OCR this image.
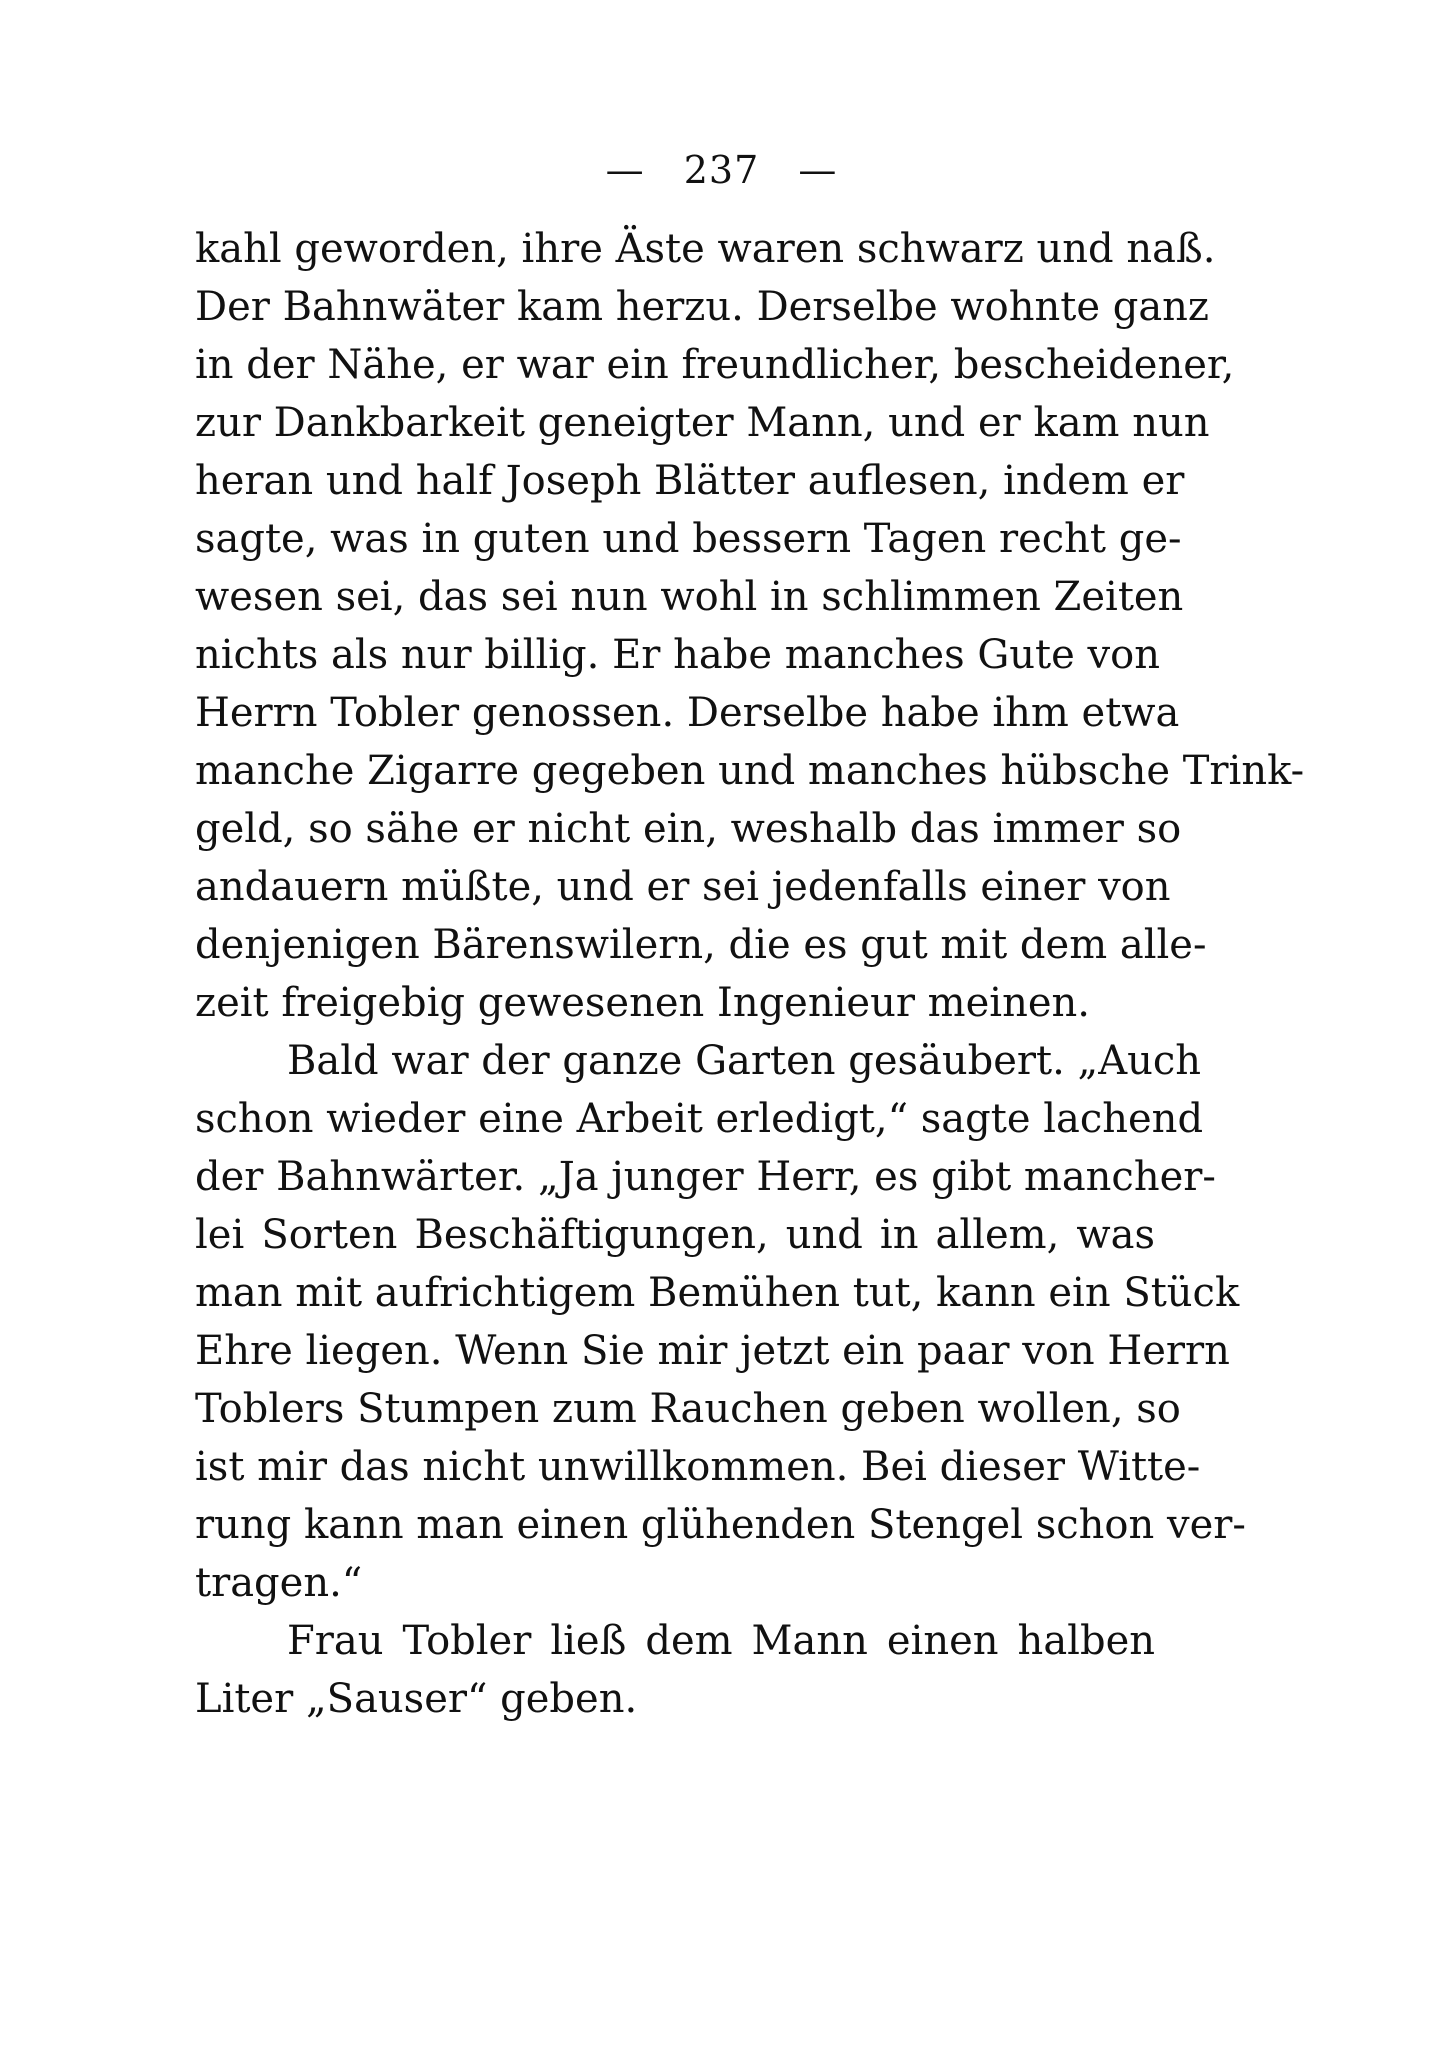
— 237 —
kahl geworden, ihre Äste waren schwarz und naß.
Der Bahnwäter kam herzu. Derselbe wohnte ganz
in der Nähe, er war ein freundlicher, bescheidener,
zur Dankbarkeit geneigter Mann, und er kam nun
heran und half Joseph Blätter auflesen, indem er
sagte, was in guten und bessern Tagen recht ge-
wesen sei, das sei nun wohl in schlimmen Zeiten
nichts als nur billig. Er habe manches Gute von
Herrn Tobler genossen. Derselbe habe ihm etwa
manche Zigarre gegeben und manches hübsche Trink-
geld, so sähe er nicht ein, weshalb das immer so
andauern müßte, und er sei jedenfalls einer von
denjenigen Bärenswilern, die es gut mit dem alle-
zeit freigebig gewesenen Ingenieur meinen.
Bald war der ganze Garten gesäubert. „Auch
schon wieder eine Arbeit erledigt,“ sagte lachend
der Bahnwärter. „Ja junger Herr, es gibt mancher-
lei Sorten Beschäftigungen, und in allem, was
man mit aufrichtigem Bemühen tut, kann ein Stück
Ehre liegen. Wenn Sie mir jetzt ein paar von Herrn
Toblers Stumpen zum Rauchen geben wollen, so
ist mir das nicht unwillkommen. Bei dieser Witte-
rung kann man einen glühenden Stengel schon ver-
tragen.“
Frau Tobler ließ dem Mann einen halben
Liter „Sauser“ geben.
